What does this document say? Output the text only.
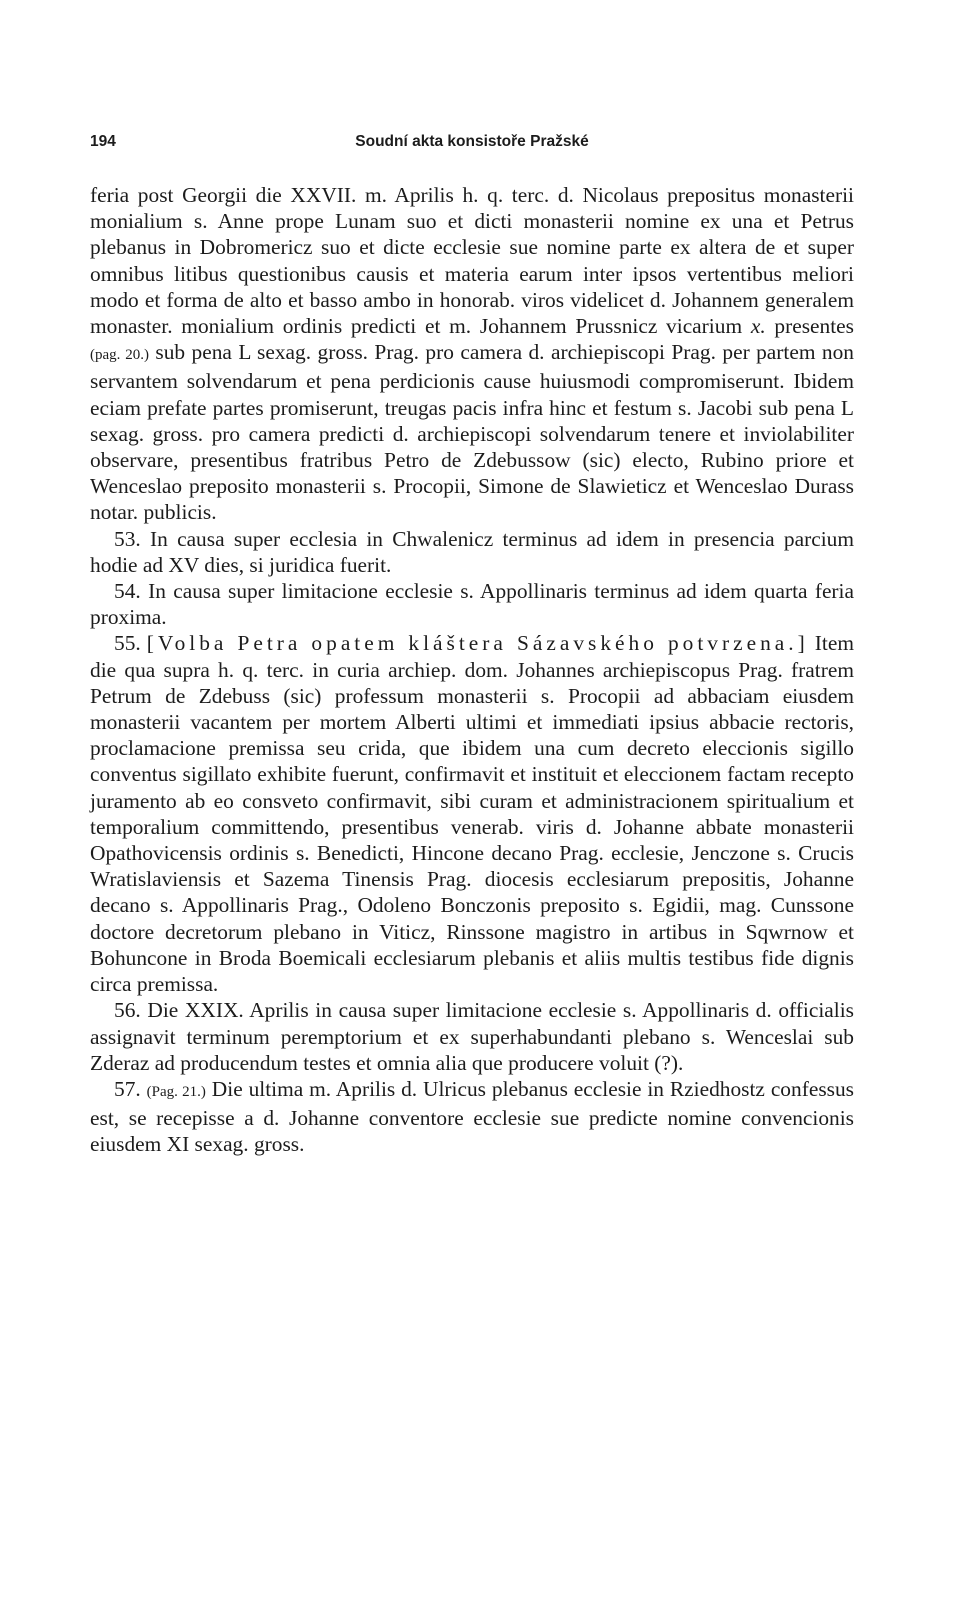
194	Soudní akta konsistoře Pražské

feria post Georgii die XXVII. m. Aprilis h. q. terc. d. Nicolaus prepositus monasterii monialium s. Anne prope Lunam suo et dicti monasterii nomine ex una et Petrus plebanus in Dobromericz suo et dicte ecclesie sue nomine parte ex altera de et super omnibus litibus questionibus causis et materia earum inter ipsos vertentibus meliori modo et forma de alto et basso ambo in honorab. viros videlicet d. Johannem generalem monaster. monialium ordinis predicti et m. Johannem Prussnicz vicarium x. presentes (pag. 20.) sub pena L sexag. gross. Prag. pro camera d. archiepiscopi Prag. per partem non servantem solvendarum et pena perdicionis cause huiusmodi compromiserunt. Ibidem eciam prefate partes promiserunt, treugas pacis infra hinc et festum s. Jacobi sub pena L sexag. gross. pro camera predicti d. archiepiscopi solvendarum tenere et inviolabiliter observare, presentibus fratribus Petro de Zdebussow (sic) electo, Rubino priore et Wenceslao preposito monasterii s. Procopii, Simone de Slawieticz et Wenceslao Durass notar. publicis.

53. In causa super ecclesia in Chwalenicz terminus ad idem in presencia parcium hodie ad XV dies, si juridica fuerit.

54. In causa super limitacione ecclesie s. Appollinaris terminus ad idem quarta feria proxima.

55. [Volba Petra opatem kláštera Sázavského potvrzena.] Item die qua supra h. q. terc. in curia archiep. dom. Johannes archiepiscopus Prag. fratrem Petrum de Zdebuss (sic) professum monasterii s. Procopii ad abbaciam eiusdem monasterii vacantem per mortem Alberti ultimi et immediati ipsius abbacie rectoris, proclamacione premissa seu crida, que ibidem una cum decreto eleccionis sigillo conventus sigillato exhibite fuerunt, confirmavit et instituit et eleccionem factam recepto juramento ab eo consveto confirmavit, sibi curam et administracionem spiritualium et temporalium committendo, presentibus venerab. viris d. Johanne abbate monasterii Opathovicensis ordinis s. Benedicti, Hincone decano Prag. ecclesie, Jenczone s. Crucis Wratislaviensis et Sazema Tinensis Prag. diocesis ecclesiarum prepositis, Johanne decano s. Appollinaris Prag., Odoleno Bonczonis preposito s. Egidii, mag. Cunssone doctore decretorum plebano in Viticz, Rinssone magistro in artibus in Sqwrnow et Bohuncone in Broda Boemicali ecclesiarum plebanis et aliis multis testibus fide dignis circa premissa.

56. Die XXIX. Aprilis in causa super limitacione ecclesie s. Appollinaris d. officialis assignavit terminum peremptorium et ex superhabundanti plebano s. Wenceslai sub Zderaz ad producendum testes et omnia alia que producere voluit (?).

57. (Pag. 21.) Die ultima m. Aprilis d. Ulricus plebanus ecclesie in Rziedhostz confessus est, se recepisse a d. Johanne conventore ecclesie sue predicte nomine convencionis eiusdem XI sexag. gross.
